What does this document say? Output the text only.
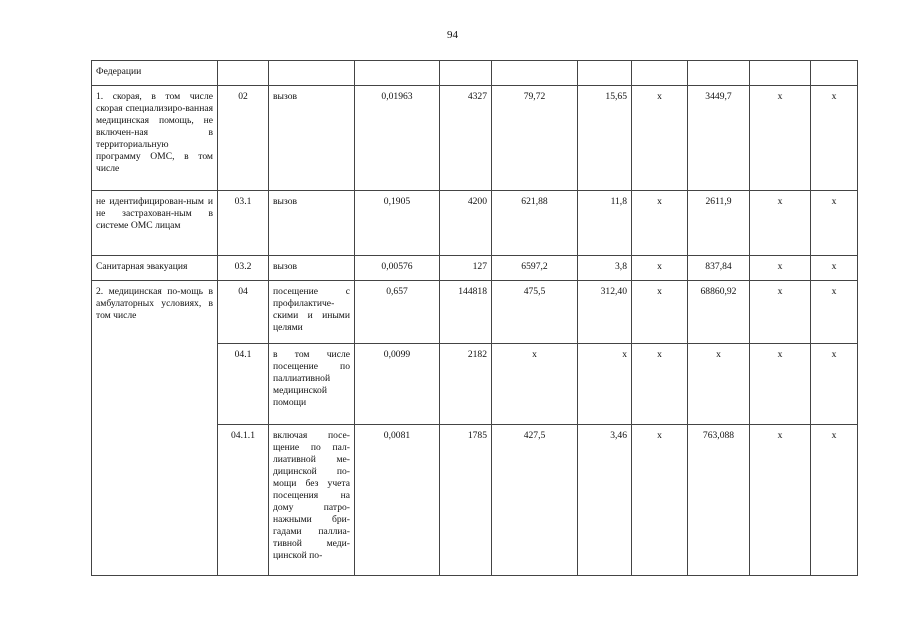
94
Федерации										
1. скорая, в том числе скорая специализиро-ванная медицинская помощь, не включен-ная в территориальную программу ОМС, в том числе	02	вызов	0,01963	4327	79,72	15,65	х	3449,7	х	х
не идентифицирован-ным и не застрахован-ным в системе ОМС лицам	03.1	вызов	0,1905	4200	621,88	11,8	х	2611,9	х	х
Санитарная эвакуация	03.2	вызов	0,00576	127	6597,2	3,8	х	837,84	х	х
2. медицинская по-мощь в амбулаторных условиях, в том числе	04	посещение с профилактиче-скими и иными целями	0,657	144818	475,5	312,40	х	68860,92	х	х
	04.1	в том числе посещение по паллиативной медицинской помощи	0,0099	2182	х	х	х	х	х	х
	04.1.1	включая посе-щение по пал-лиативной ме-дицинской по-мощи без учета посещения на дому патро-нажными бри-гадами паллиа-тивной меди-цинской по-	0,0081	1785	427,5	3,46	х	763,088	х	х
